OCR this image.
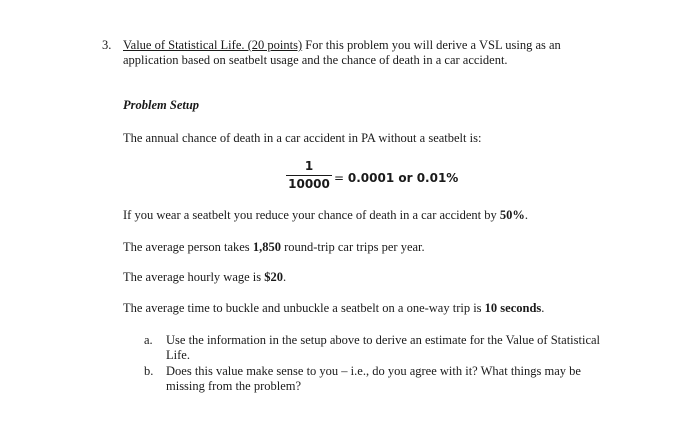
3. Value of Statistical Life. (20 points) For this problem you will derive a VSL using as an application based on seatbelt usage and the chance of death in a car accident.
Problem Setup
The annual chance of death in a car accident in PA without a seatbelt is:
1
10000 = 0.0001 or 0.01%
If you wear a seatbelt you reduce your chance of death in a car accident by 50%.
The average person takes 1,850 round-trip car trips per year.
The average hourly wage is $20.
The average time to buckle and unbuckle a seatbelt on a one-way trip is 10 seconds.
a. Use the information in the setup above to derive an estimate for the Value of Statistical Life.
b. Does this value make sense to you – i.e., do you agree with it? What things may be missing from the problem?
